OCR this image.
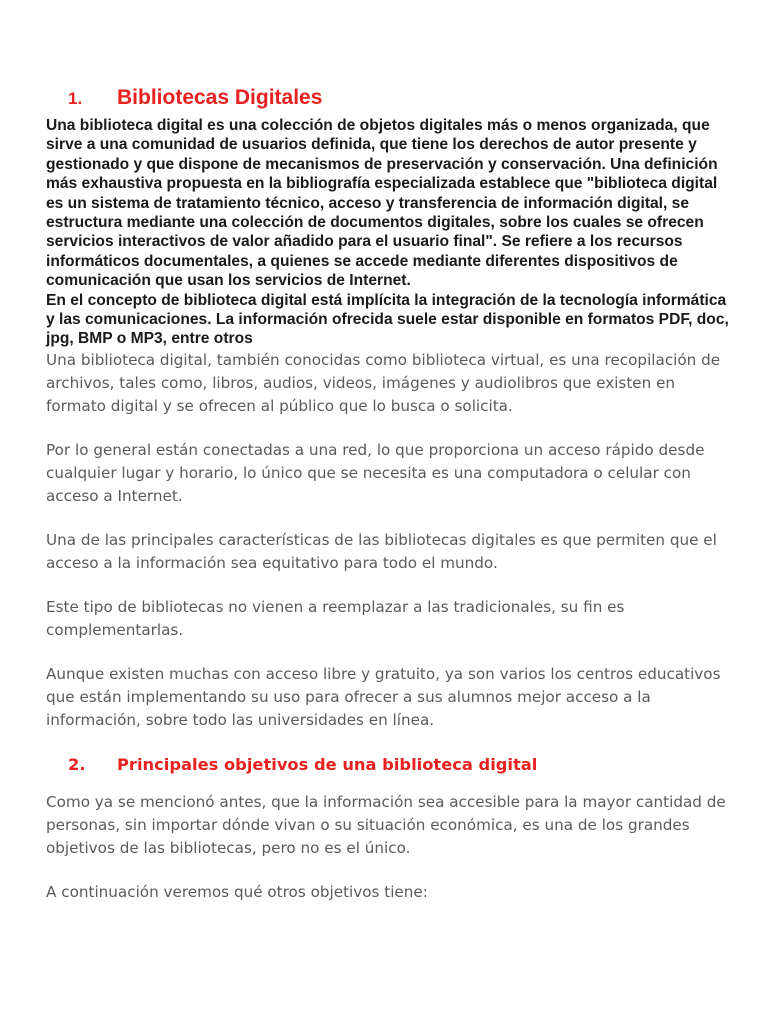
1.	Bibliotecas Digitales

Una biblioteca digital es una colección de objetos digitales más o menos organizada, que sirve a una comunidad de usuarios definida, que tiene los derechos de autor presente y gestionado y que dispone de mecanismos de preservación y conservación. Una definición más exhaustiva propuesta en la bibliografía especializada establece que "biblioteca digital es un sistema de tratamiento técnico, acceso y transferencia de información digital, se estructura mediante una colección de documentos digitales, sobre los cuales se ofrecen servicios interactivos de valor añadido para el usuario final". Se refiere a los recursos informáticos documentales, a quienes se accede mediante diferentes dispositivos de comunicación que usan los servicios de Internet.

En el concepto de biblioteca digital está implícita la integración de la tecnología informática y las comunicaciones. La información ofrecida suele estar disponible en formatos PDF, doc, jpg, BMP o MP3, entre otros

Una biblioteca digital, también conocidas como biblioteca virtual, es una recopilación de archivos, tales como, libros, audios, videos, imágenes y audiolibros que existen en formato digital y se ofrecen al público que lo busca o solicita.

Por lo general están conectadas a una red, lo que proporciona un acceso rápido desde cualquier lugar y horario, lo único que se necesita es una computadora o celular con acceso a Internet.

Una de las principales características de las bibliotecas digitales es que permiten que el acceso a la información sea equitativo para todo el mundo.

Este tipo de bibliotecas no vienen a reemplazar a las tradicionales, su fin es complementarlas.

Aunque existen muchas con acceso libre y gratuito, ya son varios los centros educativos que están implementando su uso para ofrecer a sus alumnos mejor acceso a la información, sobre todo las universidades en línea.

2.	Principales objetivos de una biblioteca digital

Como ya se mencionó antes, que la información sea accesible para la mayor cantidad de personas, sin importar dónde vivan o su situación económica, es una de los grandes objetivos de las bibliotecas, pero no es el único.

A continuación veremos qué otros objetivos tiene:
